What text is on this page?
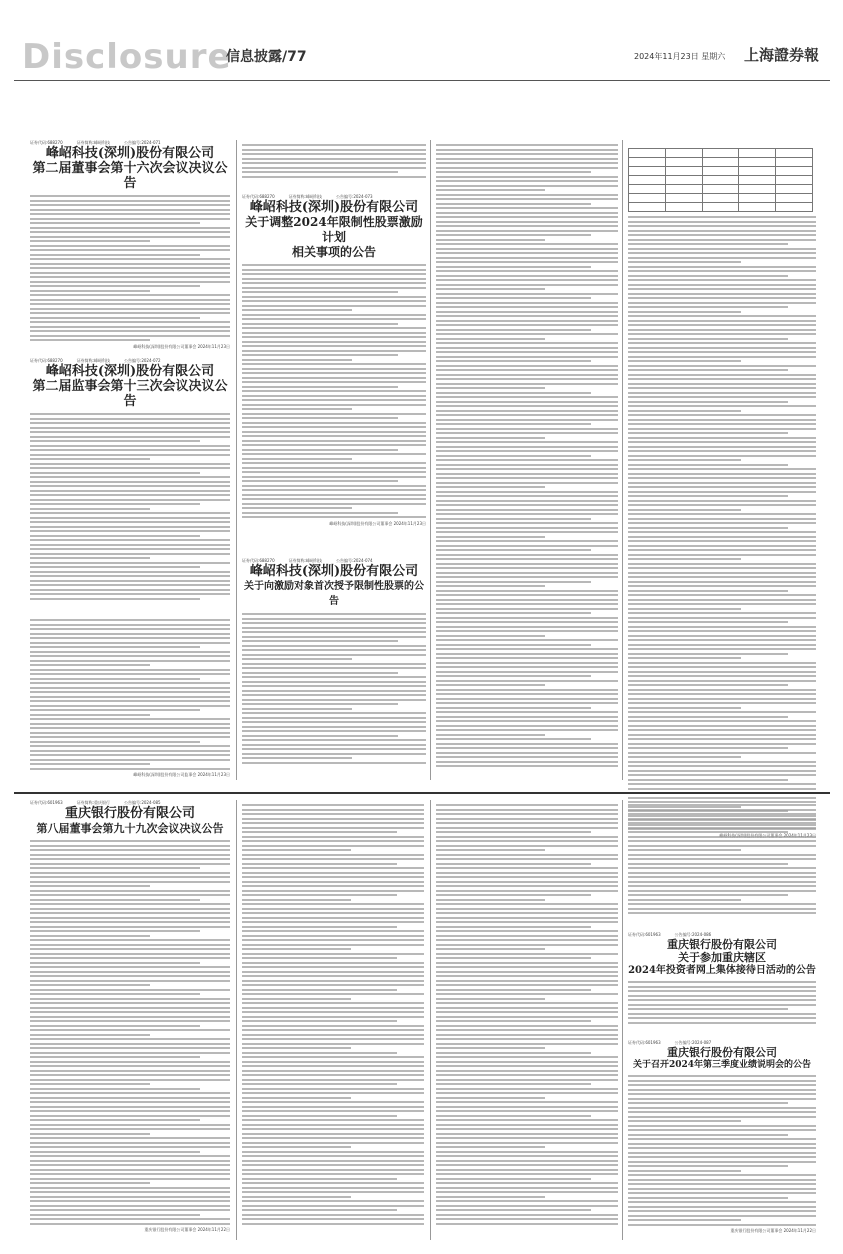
Disclosure
信息披露/77	2024年11月23日 星期六 上海證券報
证券代码:688270	证券简称:峰岹科技	公告编号:2024-071
峰岹科技(深圳)股份有限公司
第二届董事会第十六次会议决议公告
峰岹科技(深圳)股份有限公司董事会 2024年11月23日
证券代码:688270	证券简称:峰岹科技	公告编号:2024-072
峰岹科技(深圳)股份有限公司
第二届监事会第十三次会议决议公告
峰岹科技(深圳)股份有限公司监事会 2024年11月23日
证券代码:688270	证券简称:峰岹科技	公告编号:2024-073
峰岹科技(深圳)股份有限公司
关于调整2024年限制性股票激励计划
相关事项的公告
峰岹科技(深圳)股份有限公司董事会 2024年11月23日
证券代码:688270	证券简称:峰岹科技	公告编号:2024-074
峰岹科技(深圳)股份有限公司
关于向激励对象首次授予限制性股票的公告

证券代码:601963	证券简称:重庆银行	公告编号:2024-085
重庆银行股份有限公司
第八届董事会第九十九次会议决议公告
重庆银行股份有限公司董事会 2024年11月22日
证券代码:601963	公告编号:2024-086
重庆银行股份有限公司
关于参加重庆辖区
2024年投资者网上集体接待日活动的公告
证券代码:601963	公告编号:2024-087
重庆银行股份有限公司
关于召开2024年第三季度业绩说明会的公告
重庆银行股份有限公司董事会 2024年11月22日
